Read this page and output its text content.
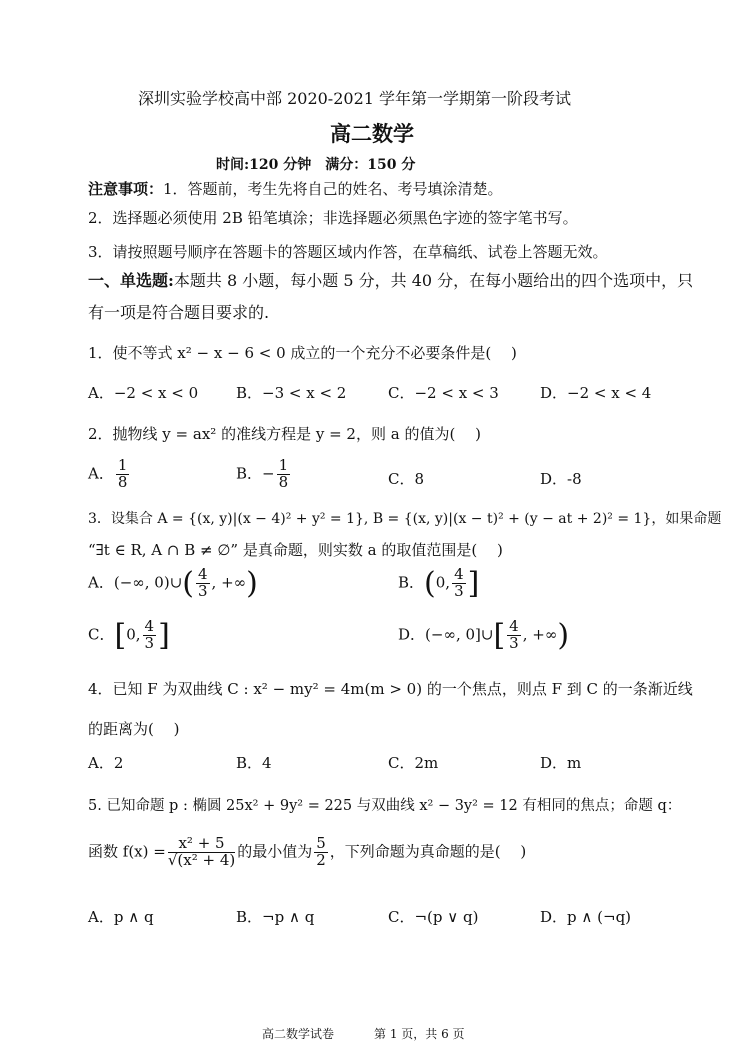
深圳实验学校高中部 2020-2021 学年第一学期第一阶段考试
高二数学
时间:120 分钟　满分：150 分
注意事项：1．答题前，考生先将自己的姓名、考号填涂清楚。
2．选择题必须使用 2B 铅笔填涂；非选择题必须黑色字迹的签字笔书写。
3．请按照题号顺序在答题卡的答题区域内作答，在草稿纸、试卷上答题无效。
一、单选题:本题共 8 小题，每小题 5 分，共 40 分，在每小题给出的四个选项中，只
有一项是符合题目要求的.
1．使不等式 x² − x − 6 < 0 成立的一个充分不必要条件是(　 )
A．−2 < x < 0	B．−3 < x < 2	C．−2 < x < 3	D．−2 < x < 4
2．抛物线 y = ax² 的准线方程是 y = 2，则 a 的值为(　 )
A． $\frac{1}{8}$	B．− $\frac{1}{8}$	C．8	D．-8
3．设集合 A = {(x, y)|(x − 4)² + y² = 1}, B = {(x, y)|(x − t)² + (y − at + 2)² = 1}，如果命题
“∃t ∈ R, A ∩ B ≠ ∅” 是真命题，则实数 a 的取值范围是(　 )
A．(−∞, 0)∪( $\frac{4}{3}$ , +∞)	B．(0, $\frac{4}{3}$ ]
C．[0, $\frac{4}{3}$ ]	D．(−∞, 0]∪[ $\frac{4}{3}$ , +∞)
4．已知 F 为双曲线 C : x² − my² = 4m(m > 0) 的一个焦点，则点 F 到 C 的一条渐近线
的距离为(　 )
A．2	B．4	C．2m	D．m
5. 已知命题 p : 椭圆 25x² + 9y² = 225 与双曲线 x² − 3y² = 12 有相同的焦点；命题 q：
函数 $f(x) = \frac{\text{x² + 5}}{\text{√(x² + 4)}}$ 的最小值为 $\frac{5}{2}$ ，下列命题为真命题的是(　 )
A．p ∧ q	B．¬p ∧ q	C．¬(p ∨ q)	D．p ∧ (¬q)
高二数学试卷	第 1 页，共 6 页
